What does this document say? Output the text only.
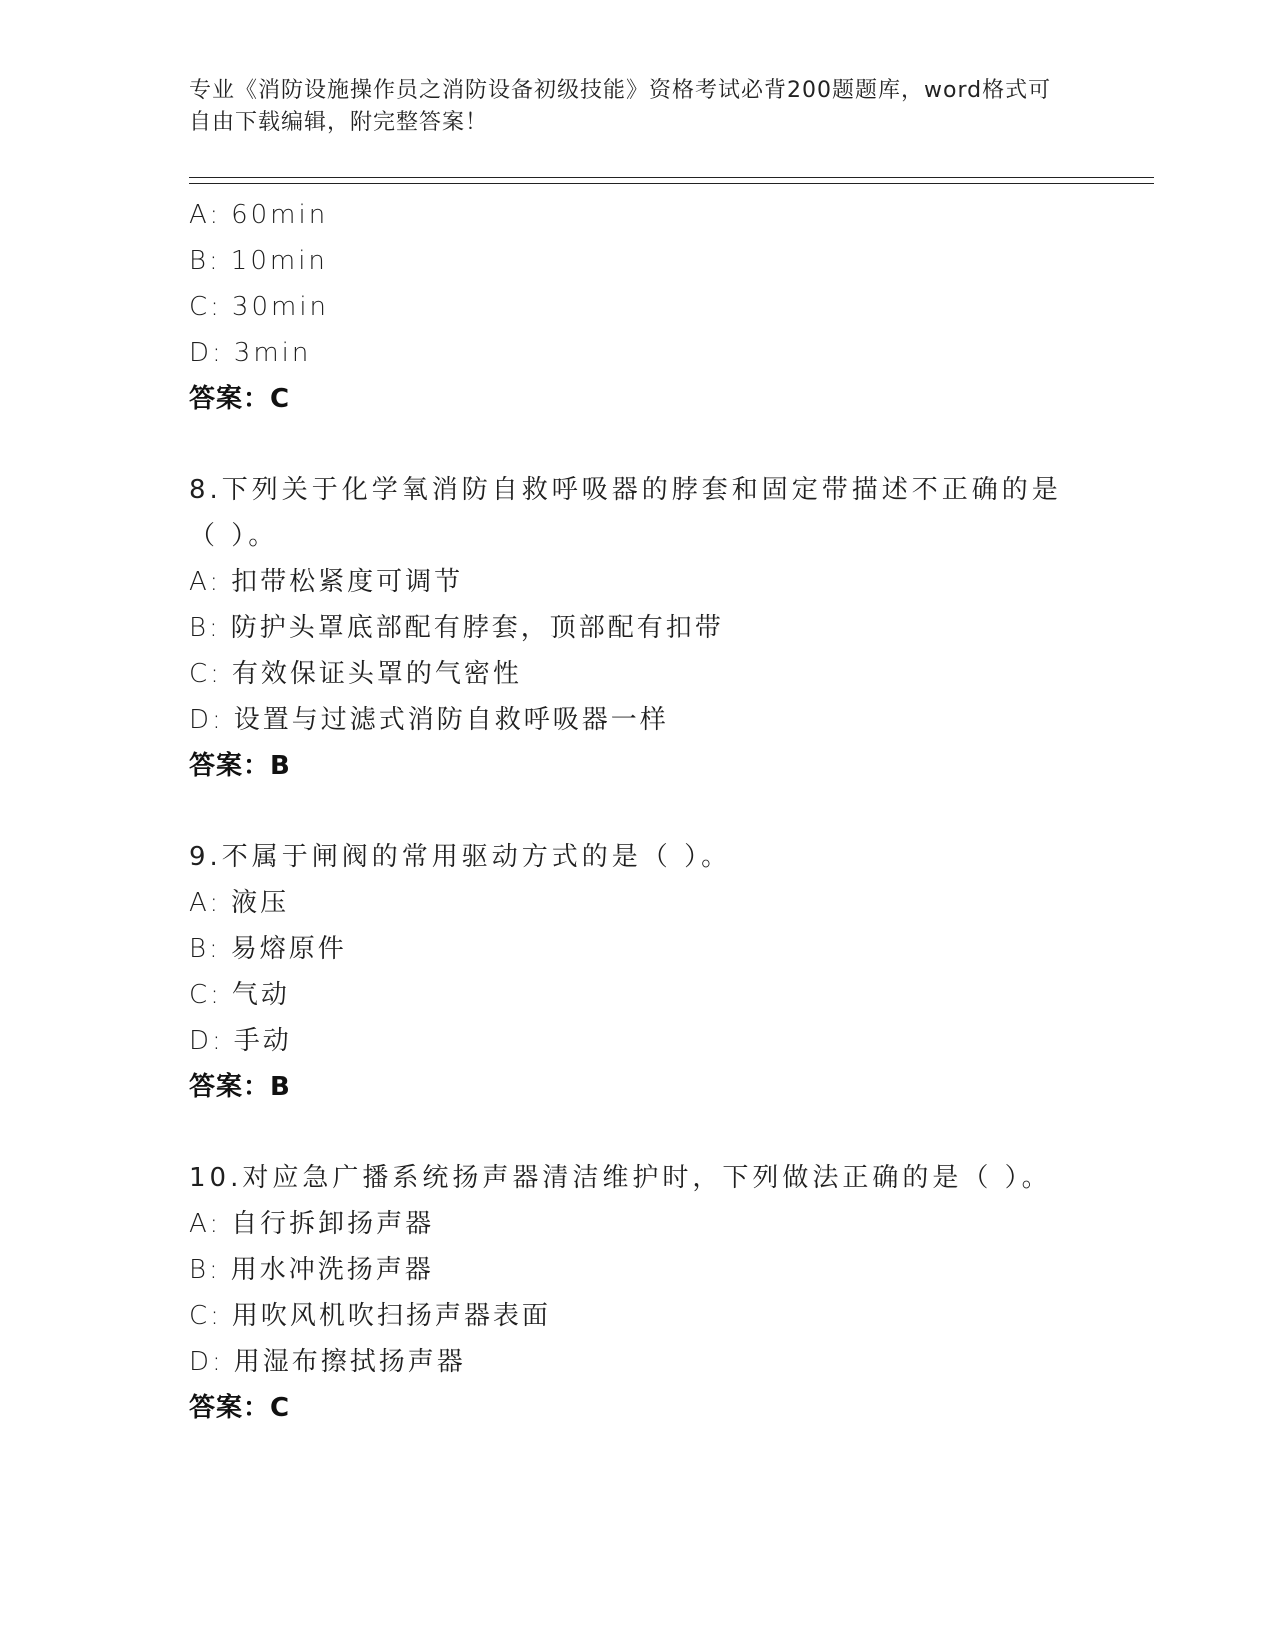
专业《消防设施操作员之消防设备初级技能》资格考试必背200题题库，word格式可自由下载编辑，附完整答案！
A: 60min
B: 10min
C: 30min
D: 3min
答案：C
8.下列关于化学氧消防自救呼吸器的脖套和固定带描述不正确的是（ ）。
A: 扣带松紧度可调节
B: 防护头罩底部配有脖套，顶部配有扣带
C: 有效保证头罩的气密性
D: 设置与过滤式消防自救呼吸器一样
答案：B
9.不属于闸阀的常用驱动方式的是（ ）。
A: 液压
B: 易熔原件
C: 气动
D: 手动
答案：B
10.对应急广播系统扬声器清洁维护时，下列做法正确的是（ ）。
A: 自行拆卸扬声器
B: 用水冲洗扬声器
C: 用吹风机吹扫扬声器表面
D: 用湿布擦拭扬声器
答案：C
